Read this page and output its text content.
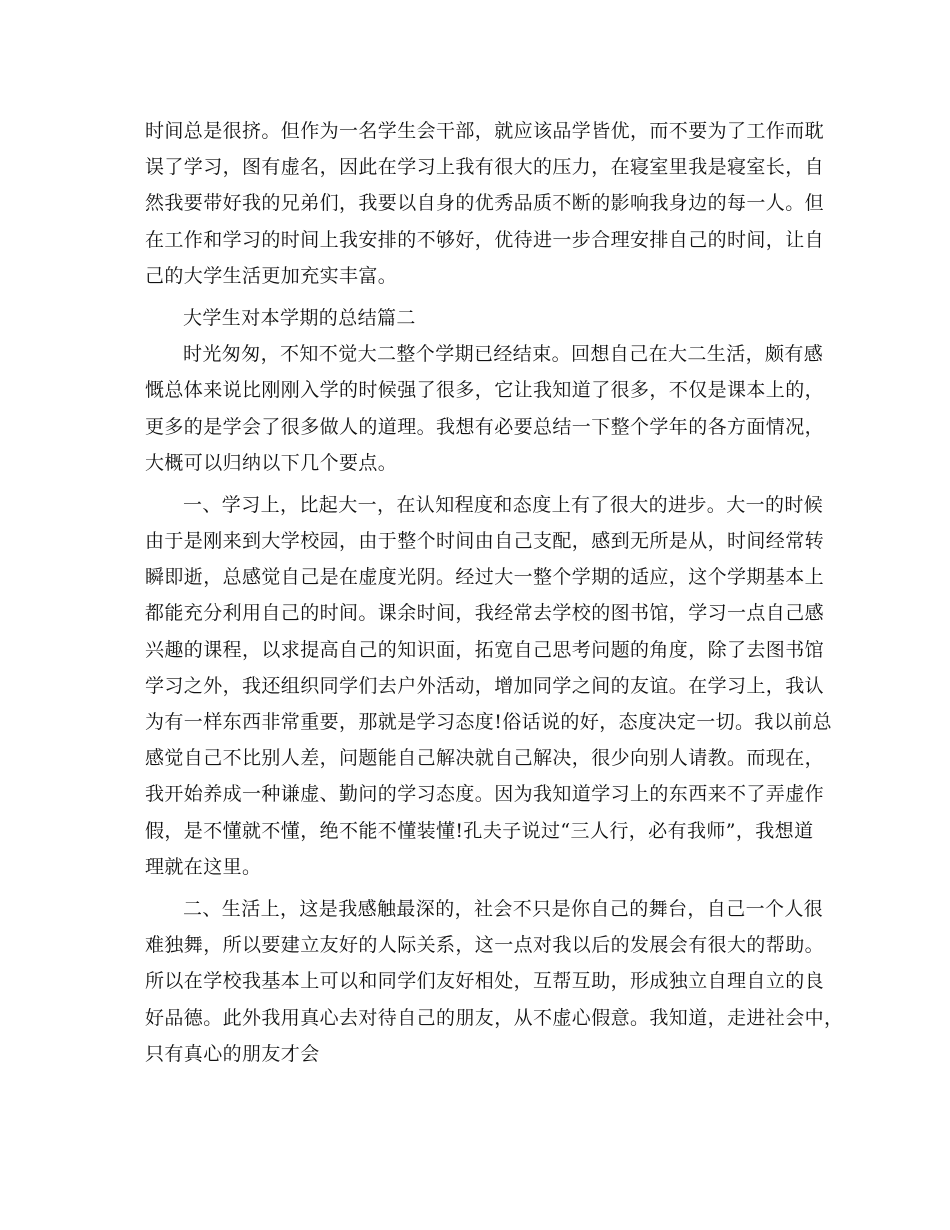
时间总是很挤。但作为一名学生会干部，就应该品学皆优，而不要为了工作而耽
误了学习，图有虚名，因此在学习上我有很大的压力，在寝室里我是寝室长，自
然我要带好我的兄弟们，我要以自身的优秀品质不断的影响我身边的每一人。但
在工作和学习的时间上我安排的不够好，优待进一步合理安排自己的时间，让自
己的大学生活更加充实丰富。
大学生对本学期的总结篇二
时光匆匆，不知不觉大二整个学期已经结束。回想自己在大二生活，颇有感
慨总体来说比刚刚入学的时候强了很多，它让我知道了很多，不仅是课本上的，
更多的是学会了很多做人的道理。我想有必要总结一下整个学年的各方面情况，
大概可以归纳以下几个要点。
一、学习上，比起大一，在认知程度和态度上有了很大的进步。大一的时候
由于是刚来到大学校园，由于整个时间由自己支配，感到无所是从，时间经常转
瞬即逝，总感觉自己是在虚度光阴。经过大一整个学期的适应，这个学期基本上
都能充分利用自己的时间。课余时间，我经常去学校的图书馆，学习一点自己感
兴趣的课程，以求提高自己的知识面，拓宽自己思考问题的角度，除了去图书馆
学习之外，我还组织同学们去户外活动，增加同学之间的友谊。在学习上，我认
为有一样东西非常重要，那就是学习态度!俗话说的好，态度决定一切。我以前总
感觉自己不比别人差，问题能自己解决就自己解决，很少向别人请教。而现在，
我开始养成一种谦虚、勤问的学习态度。因为我知道学习上的东西来不了弄虚作
假，是不懂就不懂，绝不能不懂装懂!孔夫子说过“三人行，必有我师”，我想道
理就在这里。
二、生活上，这是我感触最深的，社会不只是你自己的舞台，自己一个人很
难独舞，所以要建立友好的人际关系，这一点对我以后的发展会有很大的帮助。
所以在学校我基本上可以和同学们友好相处，互帮互助，形成独立自理自立的良
好品德。此外我用真心去对待自己的朋友，从不虚心假意。我知道，走进社会中，
只有真心的朋友才会
